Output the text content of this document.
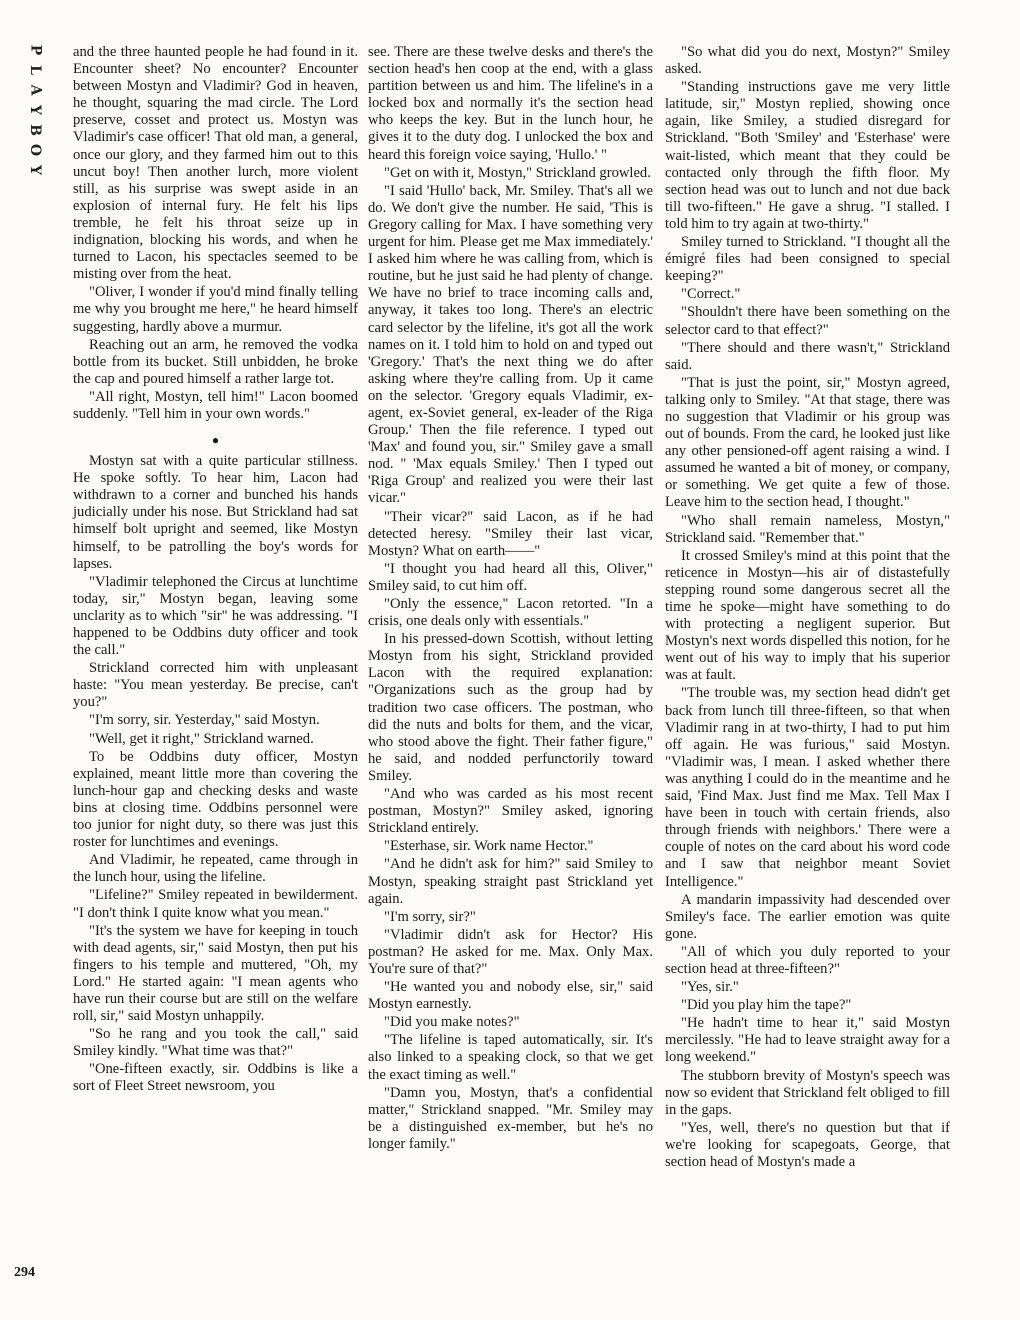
P
L
A
Y
B
O
Y

and the three haunted people he had found in it. Encounter sheet? No encounter? Encounter between Mostyn and Vladimir? God in heaven, he thought, squaring the mad circle. The Lord preserve, cosset and protect us. Mostyn was Vladimir's case officer! That old man, a general, once our glory, and they farmed him out to this uncut boy! Then another lurch, more violent still, as his surprise was swept aside in an explosion of internal fury. He felt his lips tremble, he felt his throat seize up in indignation, blocking his words, and when he turned to Lacon, his spectacles seemed to be misting over from the heat.

"Oliver, I wonder if you'd mind finally telling me why you brought me here," he heard himself suggesting, hardly above a murmur.

Reaching out an arm, he removed the vodka bottle from its bucket. Still unbidden, he broke the cap and poured himself a rather large tot.

"All right, Mostyn, tell him!" Lacon boomed suddenly. "Tell him in your own words."

●

Mostyn sat with a quite particular stillness. He spoke softly. To hear him, Lacon had withdrawn to a corner and bunched his hands judicially under his nose. But Strickland had sat himself bolt upright and seemed, like Mostyn himself, to be patrolling the boy's words for lapses.

"Vladimir telephoned the Circus at lunchtime today, sir," Mostyn began, leaving some unclarity as to which "sir" he was addressing. "I happened to be Oddbins duty officer and took the call."

Strickland corrected him with unpleasant haste: "You mean yesterday. Be precise, can't you?"

"I'm sorry, sir. Yesterday," said Mostyn.

"Well, get it right," Strickland warned.

To be Oddbins duty officer, Mostyn explained, meant little more than covering the lunch-hour gap and checking desks and waste bins at closing time. Oddbins personnel were too junior for night duty, so there was just this roster for lunchtimes and evenings.

And Vladimir, he repeated, came through in the lunch hour, using the lifeline.

"Lifeline?" Smiley repeated in bewilderment. "I don't think I quite know what you mean."

"It's the system we have for keeping in touch with dead agents, sir," said Mostyn, then put his fingers to his temple and muttered, "Oh, my Lord." He started again: "I mean agents who have run their course but are still on the welfare roll, sir," said Mostyn unhappily.

"So he rang and you took the call," said Smiley kindly. "What time was that?"

"One-fifteen exactly, sir. Oddbins is like a sort of Fleet Street newsroom, you

see. There are these twelve desks and there's the section head's hen coop at the end, with a glass partition between us and him. The lifeline's in a locked box and normally it's the section head who keeps the key. But in the lunch hour, he gives it to the duty dog. I unlocked the box and heard this foreign voice saying, 'Hullo.' "

"Get on with it, Mostyn," Strickland growled.

"I said 'Hullo' back, Mr. Smiley. That's all we do. We don't give the number. He said, 'This is Gregory calling for Max. I have something very urgent for him. Please get me Max immediately.' I asked him where he was calling from, which is routine, but he just said he had plenty of change. We have no brief to trace incoming calls and, anyway, it takes too long. There's an electric card selector by the lifeline, it's got all the work names on it. I told him to hold on and typed out 'Gregory.' That's the next thing we do after asking where they're calling from. Up it came on the selector. 'Gregory equals Vladimir, ex-agent, ex-Soviet general, ex-leader of the Riga Group.' Then the file reference. I typed out 'Max' and found you, sir." Smiley gave a small nod. " 'Max equals Smiley.' Then I typed out 'Riga Group' and realized you were their last vicar."

"Their vicar?" said Lacon, as if he had detected heresy. "Smiley their last vicar, Mostyn? What on earth——"

"I thought you had heard all this, Oliver," Smiley said, to cut him off.

"Only the essence," Lacon retorted. "In a crisis, one deals only with essentials."

In his pressed-down Scottish, without letting Mostyn from his sight, Strickland provided Lacon with the required explanation: "Organizations such as the group had by tradition two case officers. The postman, who did the nuts and bolts for them, and the vicar, who stood above the fight. Their father figure," he said, and nodded perfunctorily toward Smiley.

"And who was carded as his most recent postman, Mostyn?" Smiley asked, ignoring Strickland entirely.

"Esterhase, sir. Work name Hector."

"And he didn't ask for him?" said Smiley to Mostyn, speaking straight past Strickland yet again.

"I'm sorry, sir?"

"Vladimir didn't ask for Hector? His postman? He asked for me. Max. Only Max. You're sure of that?"

"He wanted you and nobody else, sir," said Mostyn earnestly.

"Did you make notes?"

"The lifeline is taped automatically, sir. It's also linked to a speaking clock, so that we get the exact timing as well."

"Damn you, Mostyn, that's a confidential matter," Strickland snapped. "Mr. Smiley may be a distinguished ex-member, but he's no longer family."

"So what did you do next, Mostyn?" Smiley asked.

"Standing instructions gave me very little latitude, sir," Mostyn replied, showing once again, like Smiley, a studied disregard for Strickland. "Both 'Smiley' and 'Esterhase' were wait-listed, which meant that they could be contacted only through the fifth floor. My section head was out to lunch and not due back till two-fifteen." He gave a shrug. "I stalled. I told him to try again at two-thirty."

Smiley turned to Strickland. "I thought all the émigré files had been consigned to special keeping?"

"Correct."

"Shouldn't there have been something on the selector card to that effect?"

"There should and there wasn't," Strickland said.

"That is just the point, sir," Mostyn agreed, talking only to Smiley. "At that stage, there was no suggestion that Vladimir or his group was out of bounds. From the card, he looked just like any other pensioned-off agent raising a wind. I assumed he wanted a bit of money, or company, or something. We get quite a few of those. Leave him to the section head, I thought."

"Who shall remain nameless, Mostyn," Strickland said. "Remember that."

It crossed Smiley's mind at this point that the reticence in Mostyn—his air of distastefully stepping round some dangerous secret all the time he spoke—might have something to do with protecting a negligent superior. But Mostyn's next words dispelled this notion, for he went out of his way to imply that his superior was at fault.

"The trouble was, my section head didn't get back from lunch till three-fifteen, so that when Vladimir rang in at two-thirty, I had to put him off again. He was furious," said Mostyn. "Vladimir was, I mean. I asked whether there was anything I could do in the meantime and he said, 'Find Max. Just find me Max. Tell Max I have been in touch with certain friends, also through friends with neighbors.' There were a couple of notes on the card about his word code and I saw that neighbor meant Soviet Intelligence."

A mandarin impassivity had descended over Smiley's face. The earlier emotion was quite gone.

"All of which you duly reported to your section head at three-fifteen?"

"Yes, sir."

"Did you play him the tape?"

"He hadn't time to hear it," said Mostyn mercilessly. "He had to leave straight away for a long weekend."

The stubborn brevity of Mostyn's speech was now so evident that Strickland felt obliged to fill in the gaps.

"Yes, well, there's no question but that if we're looking for scapegoats, George, that section head of Mostyn's made a

294
